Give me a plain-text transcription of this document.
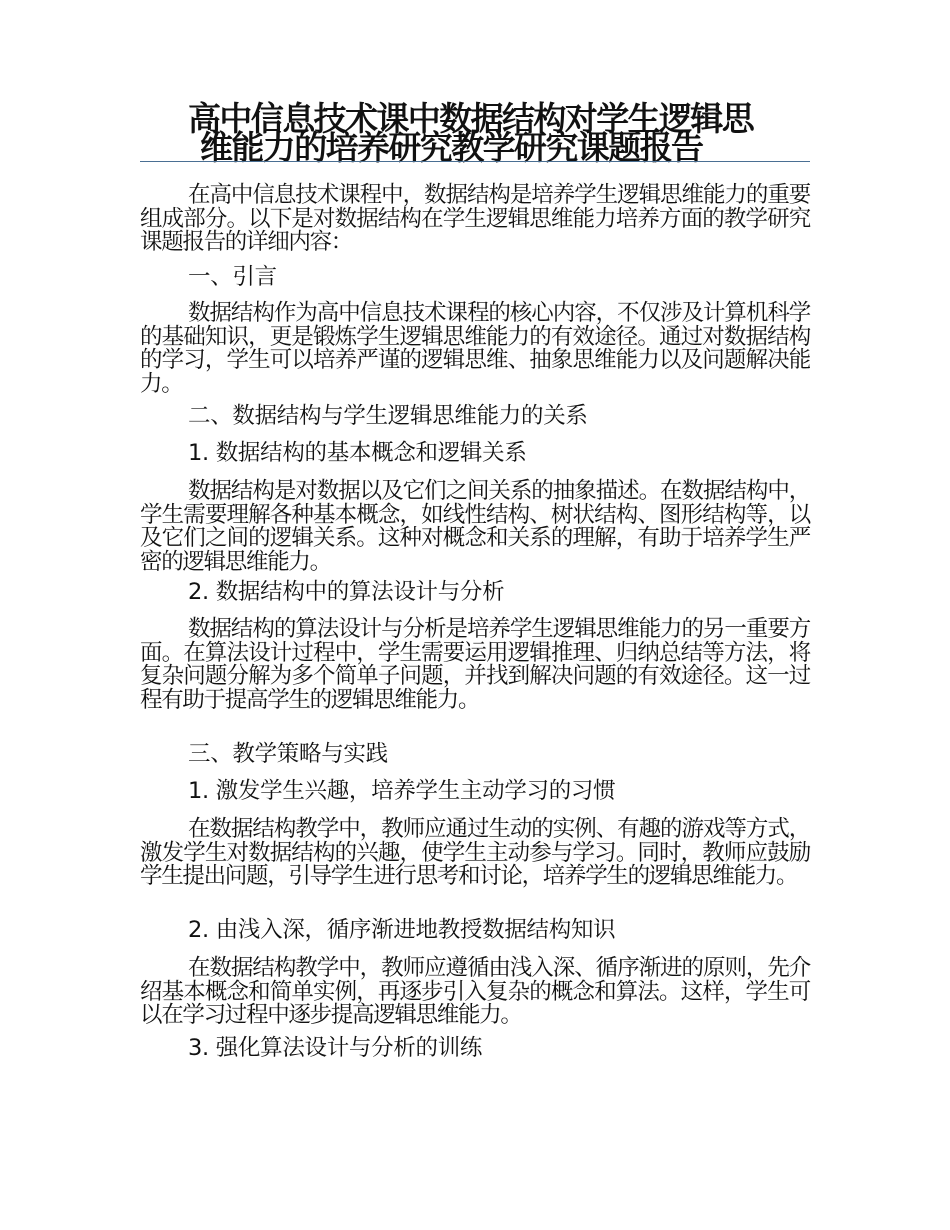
高中信息技术课中数据结构对学生逻辑思
维能力的培养研究教学研究课题报告

在高中信息技术课程中，数据结构是培养学生逻辑思维能力的重要组成部分。以下是对数据结构在学生逻辑思维能力培养方面的教学研究课题报告的详细内容：

一、引言

数据结构作为高中信息技术课程的核心内容，不仅涉及计算机科学的基础知识，更是锻炼学生逻辑思维能力的有效途径。通过对数据结构的学习，学生可以培养严谨的逻辑思维、抽象思维能力以及问题解决能力。

二、数据结构与学生逻辑思维能力的关系

1. 数据结构的基本概念和逻辑关系

数据结构是对数据以及它们之间关系的抽象描述。在数据结构中，学生需要理解各种基本概念，如线性结构、树状结构、图形结构等，以及它们之间的逻辑关系。这种对概念和关系的理解，有助于培养学生严密的逻辑思维能力。

2. 数据结构中的算法设计与分析

数据结构的算法设计与分析是培养学生逻辑思维能力的另一重要方面。在算法设计过程中，学生需要运用逻辑推理、归纳总结等方法，将复杂问题分解为多个简单子问题，并找到解决问题的有效途径。这一过程有助于提高学生的逻辑思维能力。

三、教学策略与实践

1. 激发学生兴趣，培养学生主动学习的习惯

在数据结构教学中，教师应通过生动的实例、有趣的游戏等方式，激发学生对数据结构的兴趣，使学生主动参与学习。同时，教师应鼓励学生提出问题，引导学生进行思考和讨论，培养学生的逻辑思维能力。

2. 由浅入深，循序渐进地教授数据结构知识

在数据结构教学中，教师应遵循由浅入深、循序渐进的原则，先介绍基本概念和简单实例，再逐步引入复杂的概念和算法。这样，学生可以在学习过程中逐步提高逻辑思维能力。

3. 强化算法设计与分析的训练
